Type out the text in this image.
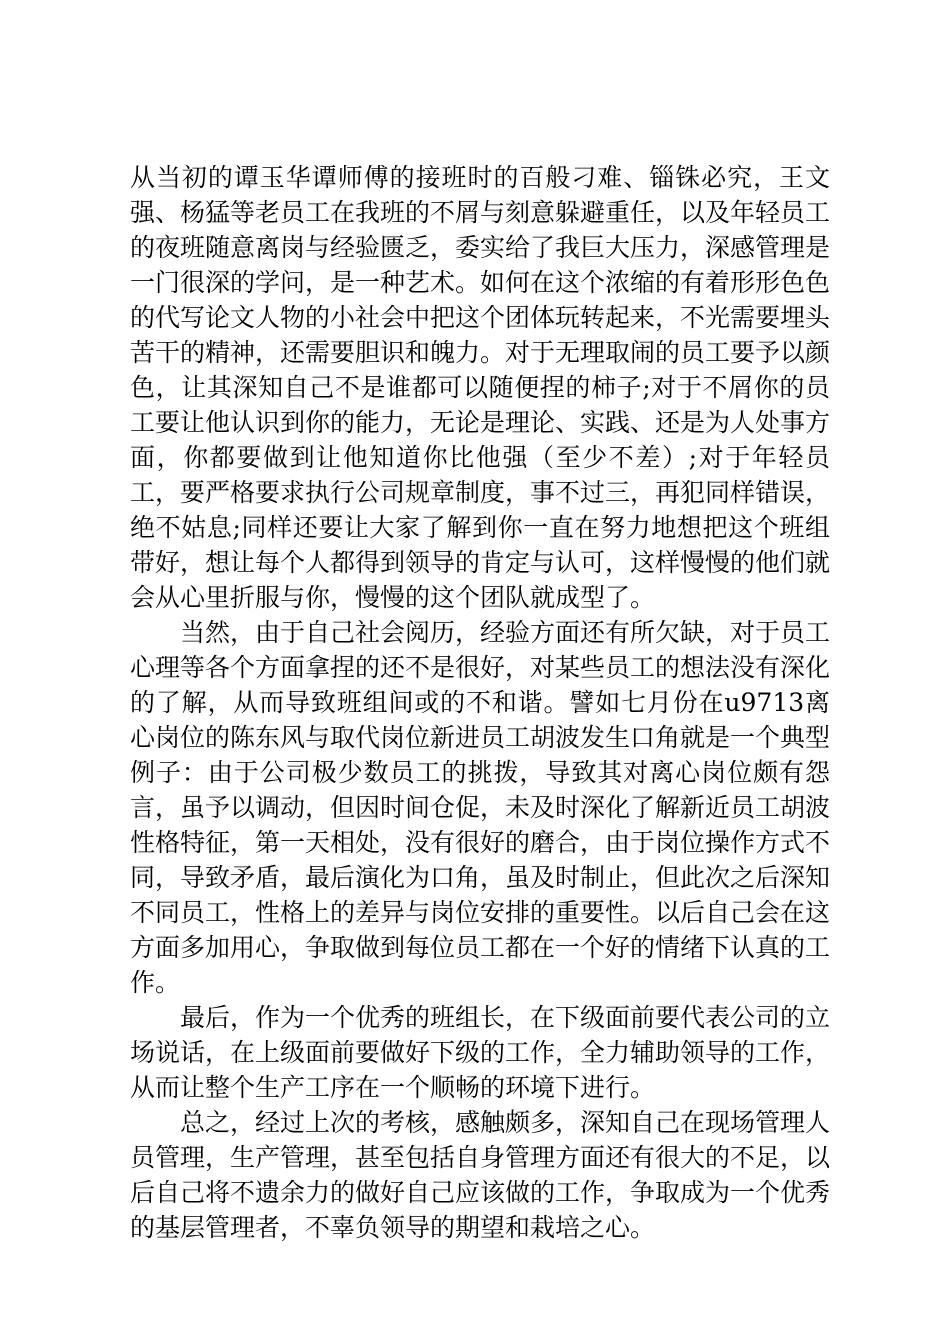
从当初的谭玉华谭师傅的接班时的百般刁难、锱铢必究，王文强、杨猛等老员工在我班的不屑与刻意躲避重任，以及年轻员工的夜班随意离岗与经验匮乏，委实给了我巨大压力，深感管理是一门很深的学问，是一种艺术。如何在这个浓缩的有着形形色色的代写论文人物的小社会中把这个团体玩转起来，不光需要埋头苦干的精神，还需要胆识和魄力。对于无理取闹的员工要予以颜色，让其深知自己不是谁都可以随便捏的柿子;对于不屑你的员工要让他认识到你的能力，无论是理论、实践、还是为人处事方面，你都要做到让他知道你比他强（至少不差）;对于年轻员工，要严格要求执行公司规章制度，事不过三，再犯同样错误，绝不姑息;同样还要让大家了解到你一直在努力地想把这个班组带好，想让每个人都得到领导的肯定与认可，这样慢慢的他们就会从心里折服与你，慢慢的这个团队就成型了。

当然，由于自己社会阅历，经验方面还有所欠缺，对于员工心理等各个方面拿捏的还不是很好，对某些员工的想法没有深化的了解，从而导致班组间或的不和谐。譬如七月份在u9713离心岗位的陈东风与取代岗位新进员工胡波发生口角就是一个典型例子：由于公司极少数员工的挑拨，导致其对离心岗位颇有怨言，虽予以调动，但因时间仓促，未及时深化了解新近员工胡波性格特征，第一天相处，没有很好的磨合，由于岗位操作方式不同，导致矛盾，最后演化为口角，虽及时制止，但此次之后深知不同员工，性格上的差异与岗位安排的重要性。以后自己会在这方面多加用心，争取做到每位员工都在一个好的情绪下认真的工作。

最后，作为一个优秀的班组长，在下级面前要代表公司的立场说话，在上级面前要做好下级的工作，全力辅助领导的工作，从而让整个生产工序在一个顺畅的环境下进行。

总之，经过上次的考核，感触颇多，深知自己在现场管理人员管理，生产管理，甚至包括自身管理方面还有很大的不足，以后自己将不遗余力的做好自己应该做的工作，争取成为一个优秀的基层管理者，不辜负领导的期望和栽培之心。
